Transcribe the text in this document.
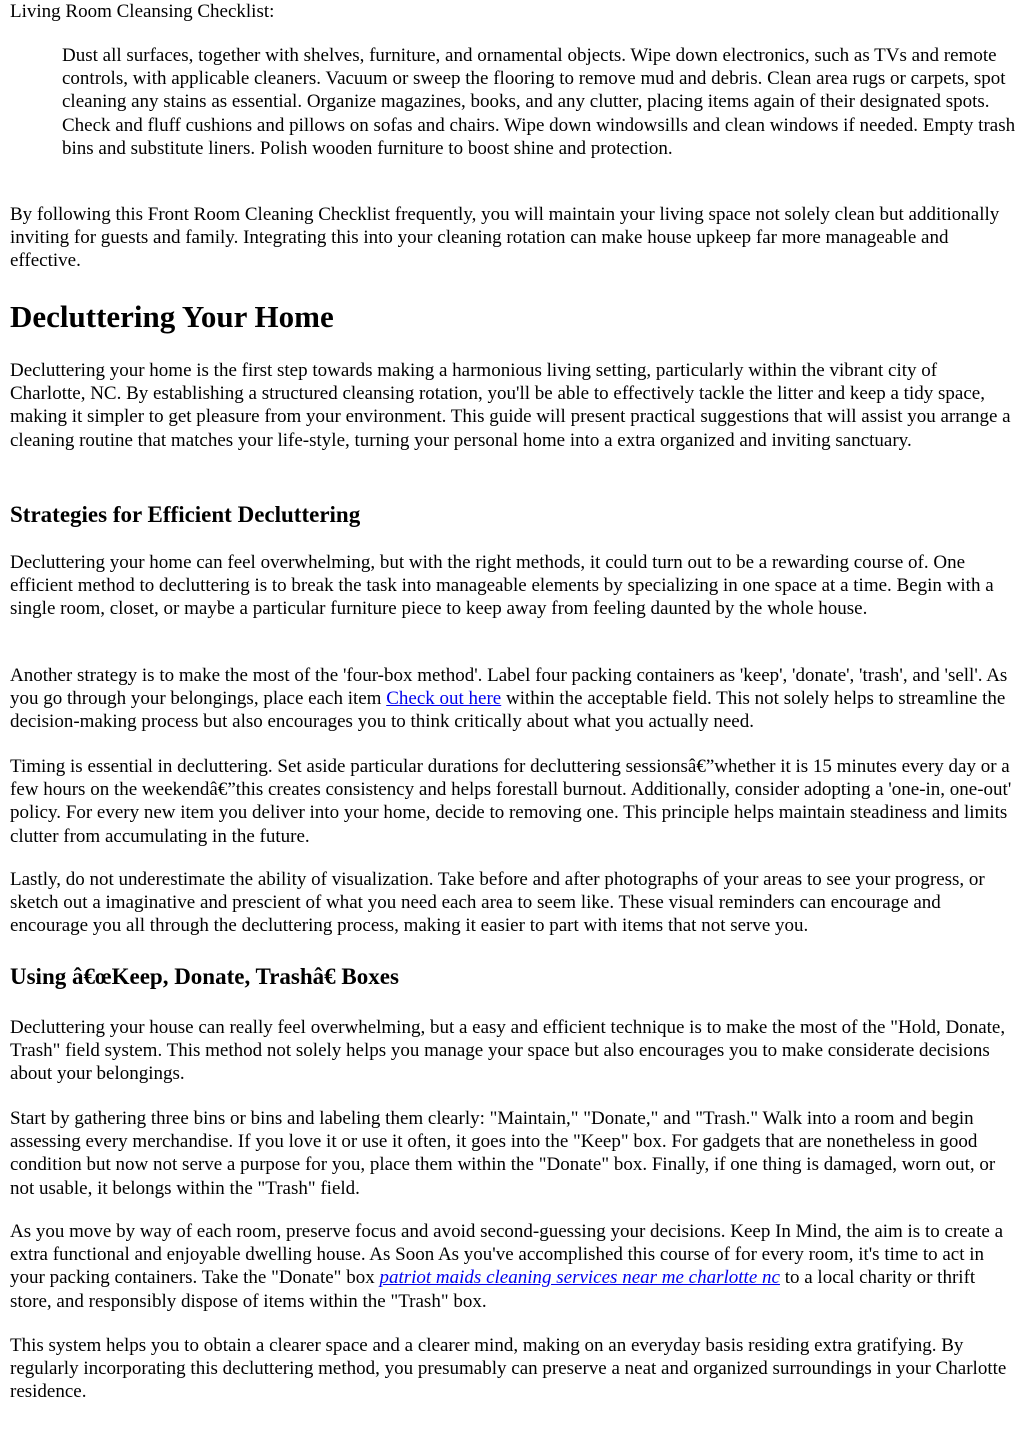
Living Room Cleansing Checklist:

Dust all surfaces, together with shelves, furniture, and ornamental objects. Wipe down electronics, such as TVs and remote controls, with applicable cleaners. Vacuum or sweep the flooring to remove mud and debris. Clean area rugs or carpets, spot cleaning any stains as essential. Organize magazines, books, and any clutter, placing items again of their designated spots. Check and fluff cushions and pillows on sofas and chairs. Wipe down windowsills and clean windows if needed. Empty trash bins and substitute liners. Polish wooden furniture to boost shine and protection.

By following this Front Room Cleaning Checklist frequently, you will maintain your living space not solely clean but additionally inviting for guests and family. Integrating this into your cleaning rotation can make house upkeep far more manageable and effective.

Decluttering Your Home

Decluttering your home is the first step towards making a harmonious living setting, particularly within the vibrant city of Charlotte, NC. By establishing a structured cleansing rotation, you'll be able to effectively tackle the litter and keep a tidy space, making it simpler to get pleasure from your environment. This guide will present practical suggestions that will assist you arrange a cleaning routine that matches your life-style, turning your personal home into a extra organized and inviting sanctuary.

Strategies for Efficient Decluttering

Decluttering your home can feel overwhelming, but with the right methods, it could turn out to be a rewarding course of. One efficient method to decluttering is to break the task into manageable elements by specializing in one space at a time. Begin with a single room, closet, or maybe a particular furniture piece to keep away from feeling daunted by the whole house.

Another strategy is to make the most of the 'four-box method'. Label four packing containers as 'keep', 'donate', 'trash', and 'sell'. As you go through your belongings, place each item Check out here within the acceptable field. This not solely helps to streamline the decision-making process but also encourages you to think critically about what you actually need.

Timing is essential in decluttering. Set aside particular durations for decluttering sessionsâ€”whether it is 15 minutes every day or a few hours on the weekendâ€”this creates consistency and helps forestall burnout. Additionally, consider adopting a 'one-in, one-out' policy. For every new item you deliver into your home, decide to removing one. This principle helps maintain steadiness and limits clutter from accumulating in the future.

Lastly, do not underestimate the ability of visualization. Take before and after photographs of your areas to see your progress, or sketch out a imaginative and prescient of what you need each area to seem like. These visual reminders can encourage and encourage you all through the decluttering process, making it easier to part with items that not serve you.

Using â€œKeep, Donate, Trashâ€ Boxes

Decluttering your house can really feel overwhelming, but a easy and efficient technique is to make the most of the "Hold, Donate, Trash" field system. This method not solely helps you manage your space but also encourages you to make considerate decisions about your belongings.

Start by gathering three bins or bins and labeling them clearly: "Maintain," "Donate," and "Trash." Walk into a room and begin assessing every merchandise. If you love it or use it often, it goes into the "Keep" box. For gadgets that are nonetheless in good condition but now not serve a purpose for you, place them within the "Donate" box. Finally, if one thing is damaged, worn out, or not usable, it belongs within the "Trash" field.

As you move by way of each room, preserve focus and avoid second-guessing your decisions. Keep In Mind, the aim is to create a extra functional and enjoyable dwelling house. As Soon As you've accomplished this course of for every room, it's time to act in your packing containers. Take the "Donate" box patriot maids cleaning services near me charlotte nc to a local charity or thrift store, and responsibly dispose of items within the "Trash" box.

This system helps you to obtain a clearer space and a clearer mind, making on an everyday basis residing extra gratifying. By regularly incorporating this decluttering method, you presumably can preserve a neat and organized surroundings in your Charlotte residence.
